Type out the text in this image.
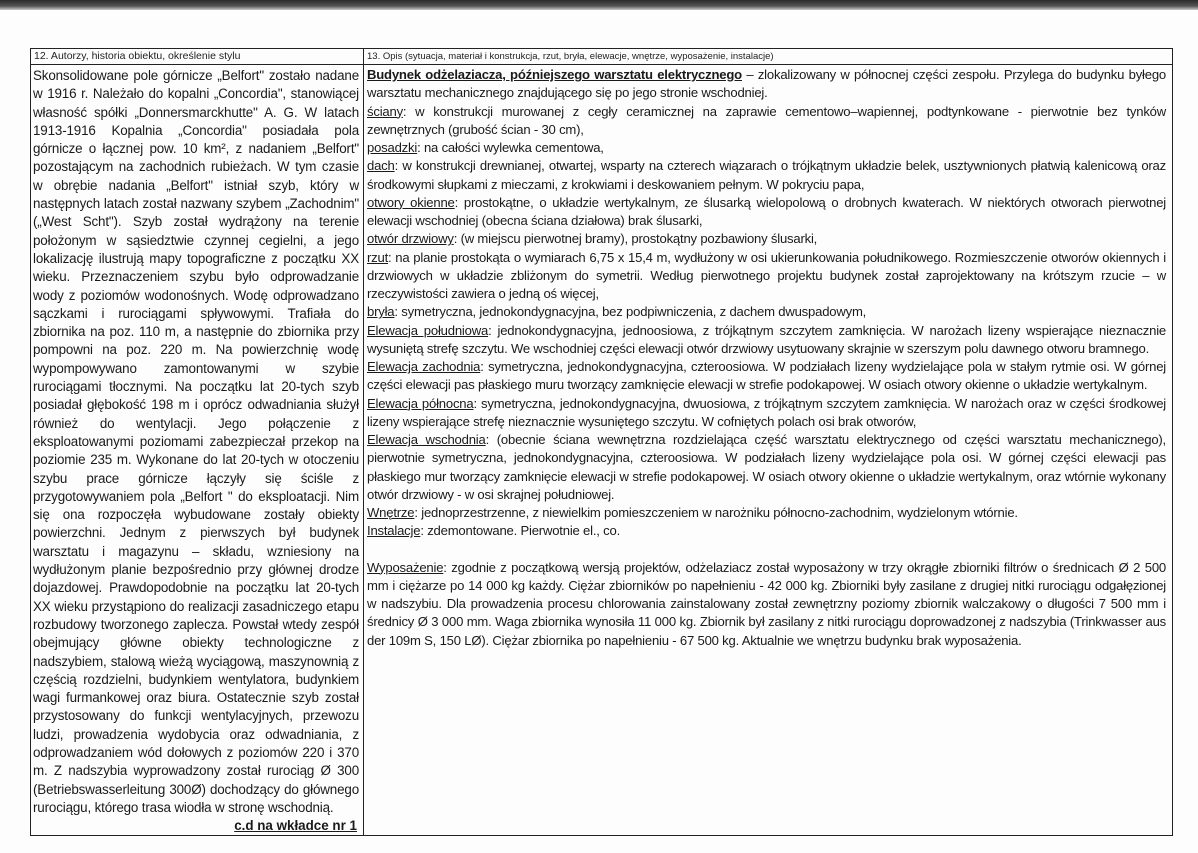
12. Autorzy, historia obiektu, określenie stylu
Skonsolidowane pole górnicze „Belfort" zostało nadane w 1916 r. Należało do kopalni „Concordia", stanowiącej własność spółki „Donnersmarckhutte" A. G. W latach 1913-1916 Kopalnia „Concordia" posiadała pola górnicze o łącznej pow. 10 km², z nadaniem „Belfort" pozostającym na zachodnich rubieżach. W tym czasie w obrębie nadania „Belfort" istniał szyb, który w następnych latach został nazwany szybem „Zachodnim" („West Scht"). Szyb został wydrążony na terenie położonym w sąsiedztwie czynnej cegielni, a jego lokalizację ilustrują mapy topograficzne z początku XX wieku. Przeznaczeniem szybu było odprowadzanie wody z poziomów wodonośnych. Wodę odprowadzano sączkami i rurociągami spływowymi. Trafiała do zbiornika na poz. 110 m, a następnie do zbiornika przy pompowni na poz. 220 m. Na powierzchnię wodę wypompowywano zamontowanymi w szybie rurociągami tłocznymi. Na początku lat 20-tych szyb posiadał głębokość 198 m i oprócz odwadniania służył również do wentylacji. Jego połączenie z eksploatowanymi poziomami zabezpieczał przekop na poziomie 235 m. Wykonane do lat 20-tych w otoczeniu szybu prace górnicze łączyły się ściśle z przygotowywaniem pola „Belfort " do eksploatacji. Nim się ona rozpoczęła wybudowane zostały obiekty powierzchni. Jednym z pierwszych był budynek warsztatu i magazynu – składu, wzniesiony na wydłużonym planie bezpośrednio przy głównej drodze dojazdowej. Prawdopodobnie na początku lat 20-tych XX wieku przystąpiono do realizacji zasadniczego etapu rozbudowy tworzonego zaplecza. Powstał wtedy zespół obejmujący główne obiekty technologiczne z nadszybiem, stalową wieżą wyciągową, maszynownią z częścią rozdzielni, budynkiem wentylatora, budynkiem wagi furmankowej oraz biura. Ostatecznie szyb został przystosowany do funkcji wentylacyjnych, przewozu ludzi, prowadzenia wydobycia oraz odwadniania, z odprowadzaniem wód dołowych z poziomów 220 i 370 m. Z nadszybia wyprowadzony został rurociąg Ø 300 (Betriebswasserleitung 300Ø) dochodzący do głównego rurociągu, którego trasa wiodła w stronę wschodnią.
c.d na wkładce nr 1
13. Opis (sytuacja, materiał i konstrukcja, rzut, bryła, elewacje, wnętrze, wyposażenie, instalacje)

Budynek odżelaziacza, późniejszego warsztatu elektrycznego – zlokalizowany w północnej części zespołu. Przylega do budynku byłego warsztatu mechanicznego znajdującego się po jego stronie wschodniej.

ściany: w konstrukcji murowanej z cegły ceramicznej na zaprawie cementowo–wapiennej, podtynkowane - pierwotnie bez tynków zewnętrznych (grubość ścian - 30 cm),

posadzki: na całości wylewka cementowa,

dach: w konstrukcji drewnianej, otwartej, wsparty na czterech wiązarach o trójkątnym układzie belek, usztywnionych płatwią kalenicową oraz środkowymi słupkami z mieczami, z krokwiami i deskowaniem pełnym. W pokryciu papa,

otwory okienne: prostokątne, o układzie wertykalnym, ze ślusarką wielopolową o drobnych kwaterach. W niektórych otworach pierwotnej elewacji wschodniej (obecna ściana działowa) brak ślusarki,

otwór drzwiowy: (w miejscu pierwotnej bramy), prostokątny pozbawiony ślusarki,

rzut: na planie prostokąta o wymiarach 6,75 x 15,4 m, wydłużony w osi ukierunkowania południkowego. Rozmieszczenie otworów okiennych i drzwiowych w układzie zbliżonym do symetrii. Według pierwotnego projektu budynek został zaprojektowany na krótszym rzucie – w rzeczywistości zawiera o jedną oś więcej,

bryła: symetryczna, jednokondygnacyjna, bez podpiwniczenia, z dachem dwuspadowym,

Elewacja południowa: jednokondygnacyjna, jednoosiowa, z trójkątnym szczytem zamknięcia. W narożach lizeny wspierające nieznacznie wysuniętą strefę szczytu. We wschodniej części elewacji otwór drzwiowy usytuowany skrajnie w szerszym polu dawnego otworu bramnego.

Elewacja zachodnia: symetryczna, jednokondygnacyjna, czteroosiowa. W podziałach lizeny wydzielające pola w stałym rytmie osi. W górnej części elewacji pas płaskiego muru tworzący zamknięcie elewacji w strefie podokapowej. W osiach otwory okienne o układzie wertykalnym.

Elewacja północna: symetryczna, jednokondygnacyjna, dwuosiowa, z trójkątnym szczytem zamknięcia. W narożach oraz w części środkowej lizeny wspierające strefę nieznacznie wysuniętego szczytu. W cofniętych polach osi brak otworów,

Elewacja wschodnia: (obecnie ściana wewnętrzna rozdzielająca część warsztatu elektrycznego od części warsztatu mechanicznego), pierwotnie symetryczna, jednokondygnacyjna, czteroosiowa. W podziałach lizeny wydzielające pola osi. W górnej części elewacji pas płaskiego mur tworzący zamknięcie elewacji w strefie podokapowej. W osiach otwory okienne o układzie wertykalnym, oraz wtórnie wykonany otwór drzwiowy - w osi skrajnej południowej.

Wnętrze: jednoprzestrzenne, z niewielkim pomieszczeniem w narożniku północno-zachodnim, wydzielonym wtórnie.

Instalacje: zdemontowane. Pierwotnie el., co.

Wyposażenie: zgodnie z początkową wersją projektów, odżelaziacz został wyposażony w trzy okrągłe zbiorniki filtrów o średnicach Ø 2 500 mm i ciężarze po 14 000 kg każdy. Ciężar zbiorników po napełnieniu - 42 000 kg. Zbiorniki były zasilane z drugiej nitki rurociągu odgałęzionej w nadszybiu. Dla prowadzenia procesu chlorowania zainstalowany został zewnętrzny poziomy zbiornik walczakowy o długości 7 500 mm i średnicy Ø 3 000 mm. Waga zbiornika wynosiła 11 000 kg. Zbiornik był zasilany z nitki rurociągu doprowadzonej z nadszybia (Trinkwasser aus der 109m S, 150 LØ). Ciężar zbiornika po napełnieniu - 67 500 kg. Aktualnie we wnętrzu budynku brak wyposażenia.
